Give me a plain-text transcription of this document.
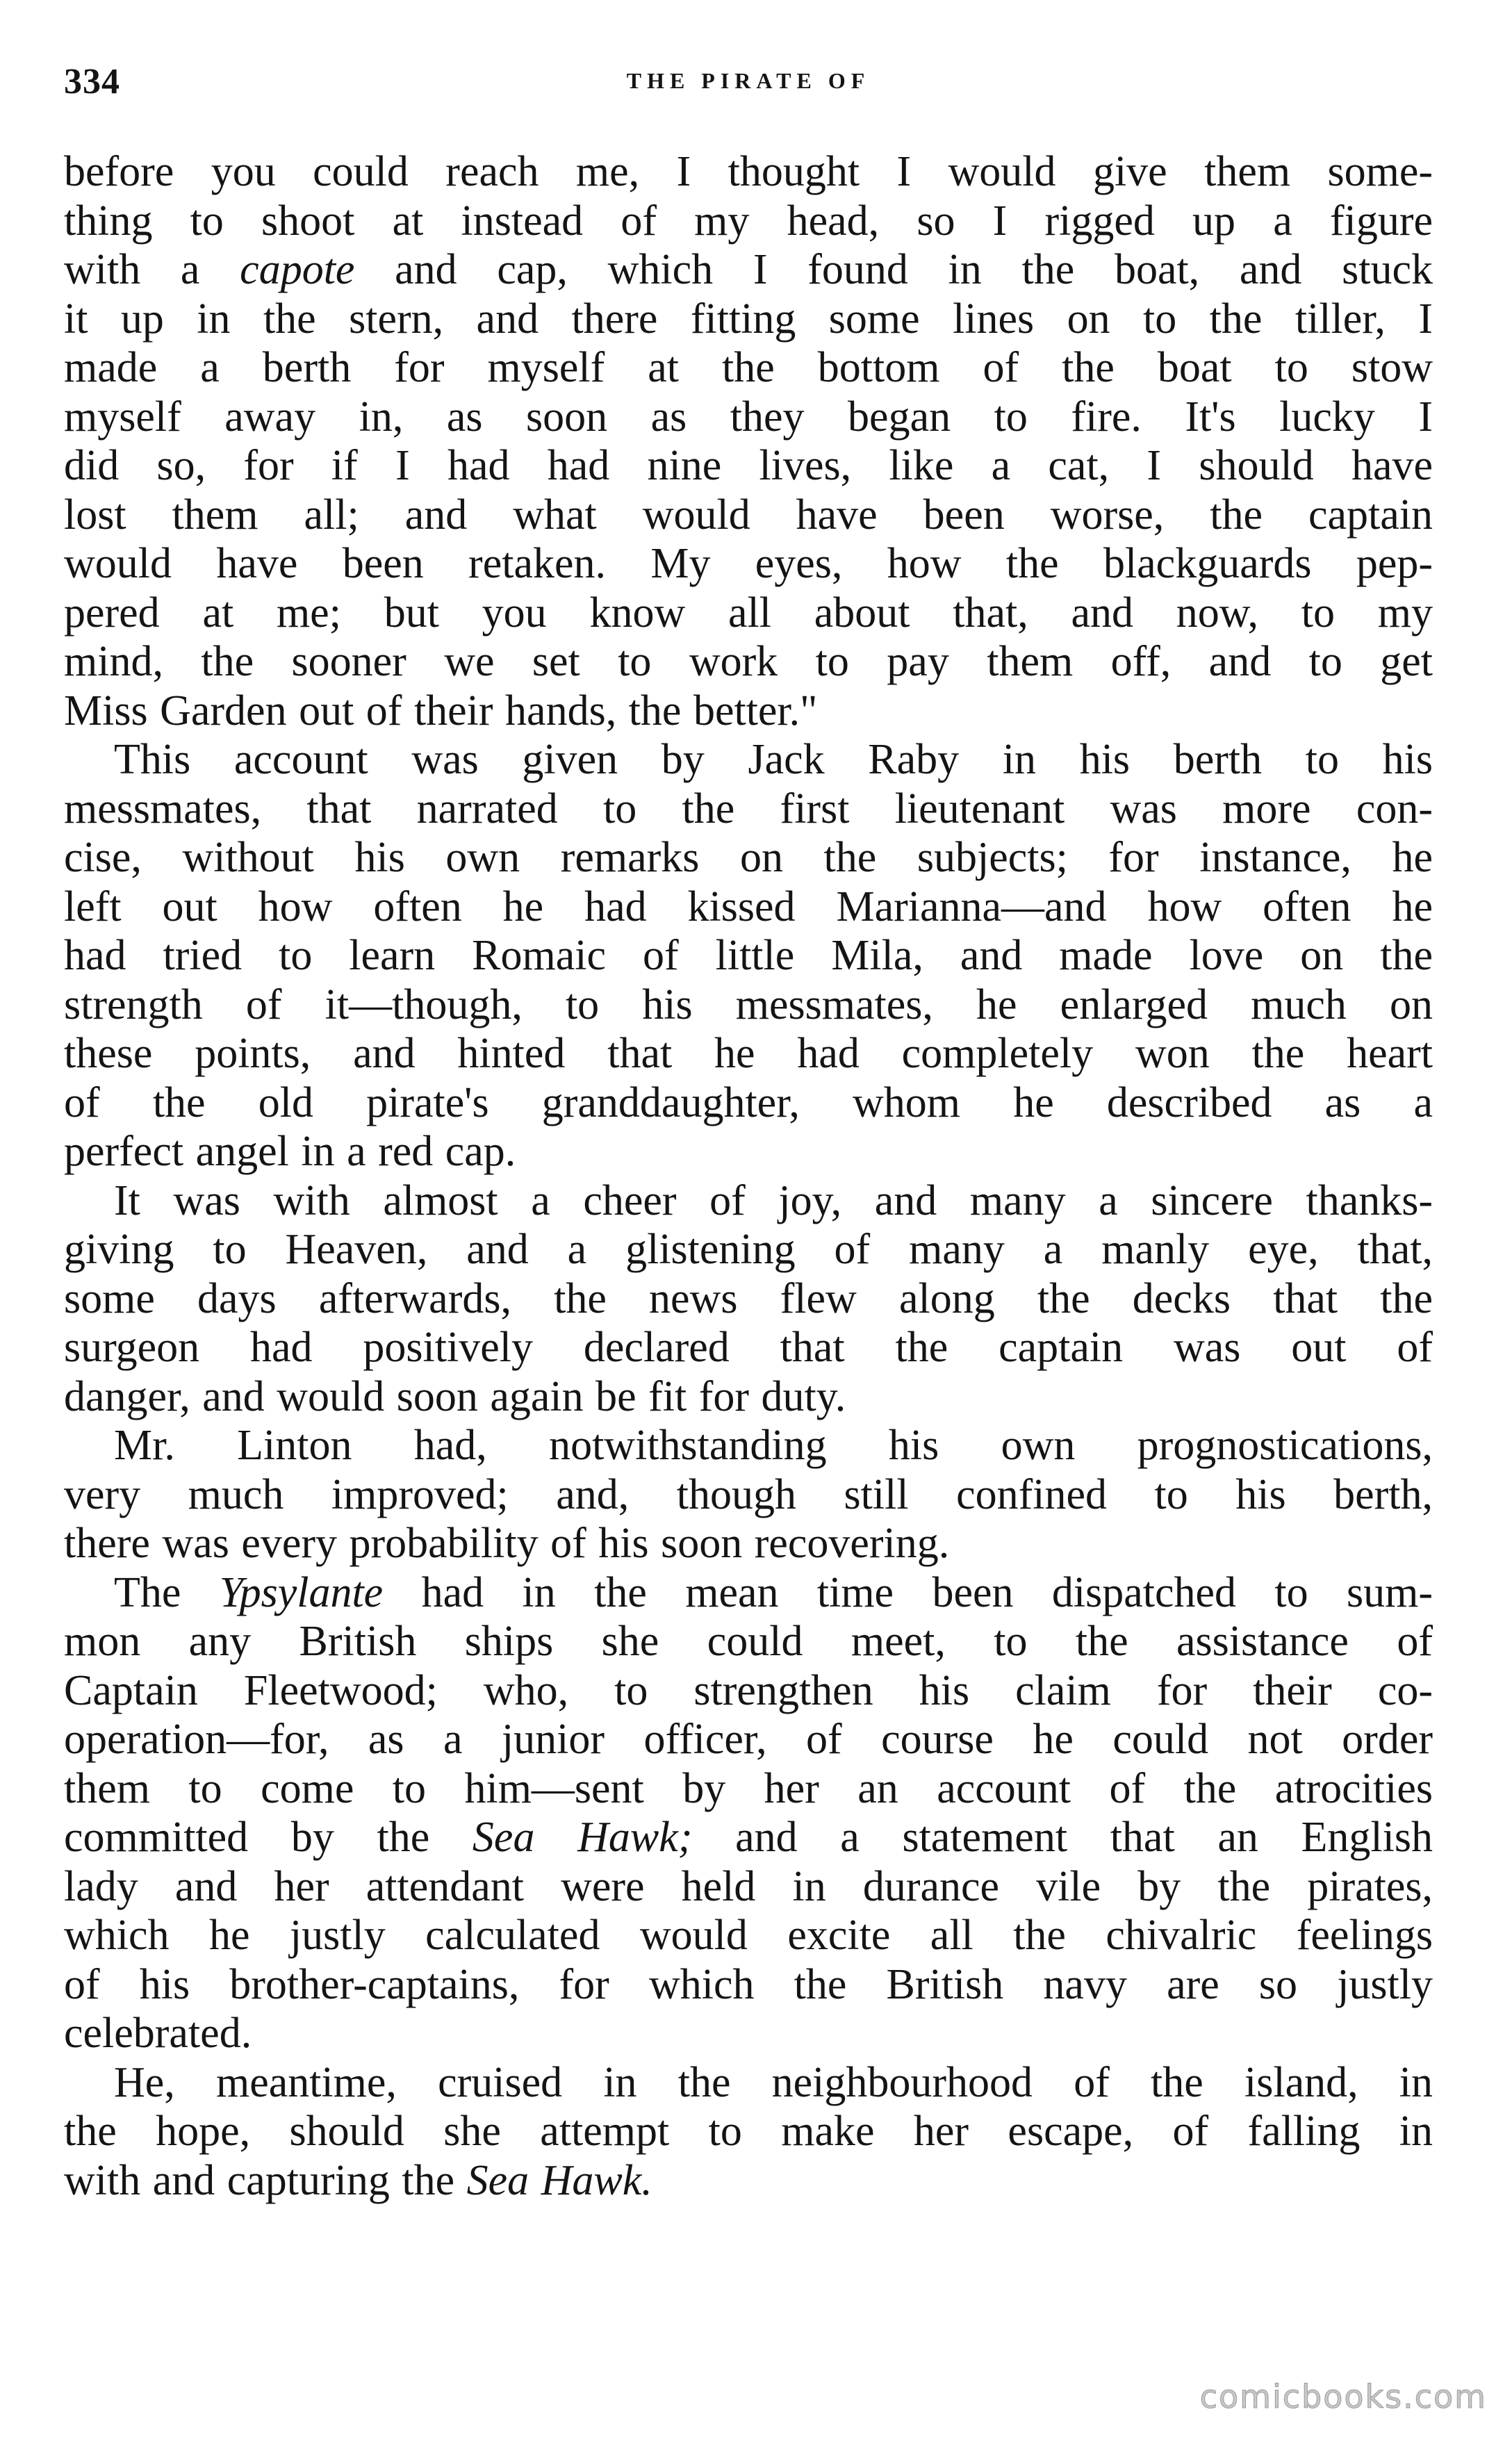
334	THE PIRATE OF

before you could reach me, I thought I would give them some-
thing to shoot at instead of my head, so I rigged up a figure
with a capote and cap, which I found in the boat, and stuck
it up in the stern, and there fitting some lines on to the tiller, I
made a berth for myself at the bottom of the boat to stow
myself away in, as soon as they began to fire. It's lucky I
did so, for if I had had nine lives, like a cat, I should have
lost them all; and what would have been worse, the captain
would have been retaken. My eyes, how the blackguards pep-
pered at me; but you know all about that, and now, to my
mind, the sooner we set to work to pay them off, and to get
Miss Garden out of their hands, the better."

This account was given by Jack Raby in his berth to his
messmates, that narrated to the first lieutenant was more con-
cise, without his own remarks on the subjects; for instance, he
left out how often he had kissed Marianna—and how often he
had tried to learn Romaic of little Mila, and made love on the
strength of it—though, to his messmates, he enlarged much on
these points, and hinted that he had completely won the heart
of the old pirate's granddaughter, whom he described as a
perfect angel in a red cap.

It was with almost a cheer of joy, and many a sincere thanks-
giving to Heaven, and a glistening of many a manly eye, that,
some days afterwards, the news flew along the decks that the
surgeon had positively declared that the captain was out of
danger, and would soon again be fit for duty.

Mr. Linton had, notwithstanding his own prognostications,
very much improved; and, though still confined to his berth,
there was every probability of his soon recovering.

The Ypsylante had in the mean time been dispatched to sum-
mon any British ships she could meet, to the assistance of
Captain Fleetwood; who, to strengthen his claim for their co-
operation—for, as a junior officer, of course he could not order
them to come to him—sent by her an account of the atrocities
committed by the Sea Hawk; and a statement that an English
lady and her attendant were held in durance vile by the pirates,
which he justly calculated would excite all the chivalric feelings
of his brother-captains, for which the British navy are so justly
celebrated.

He, meantime, cruised in the neighbourhood of the island, in
the hope, should she attempt to make her escape, of falling in
with and capturing the Sea Hawk.

comicbooks.com
